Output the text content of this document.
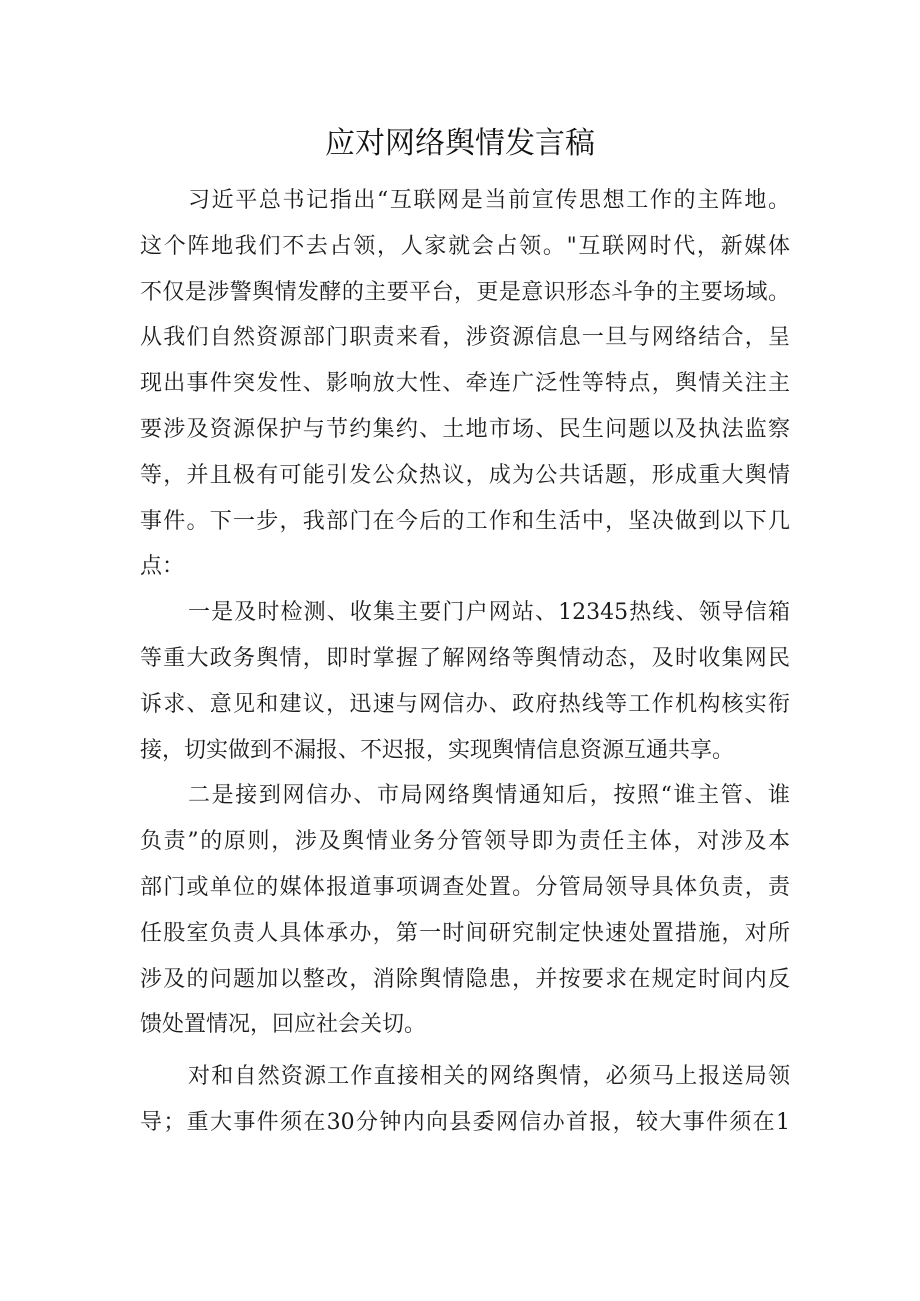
应对网络舆情发言稿
习近平总书记指出“互联网是当前宣传思想工作的主阵地。
这个阵地我们不去占领，人家就会占领。"互联网时代，新媒体
不仅是涉警舆情发酵的主要平台，更是意识形态斗争的主要场域。
从我们自然资源部门职责来看，涉资源信息一旦与网络结合，呈
现出事件突发性、影响放大性、牵连广泛性等特点，舆情关注主
要涉及资源保护与节约集约、土地市场、民生问题以及执法监察
等，并且极有可能引发公众热议，成为公共话题，形成重大舆情
事件。下一步，我部门在今后的工作和生活中，坚决做到以下几
点：
一是及时检测、收集主要门户网站、12345热线、领导信箱
等重大政务舆情，即时掌握了解网络等舆情动态，及时收集网民
诉求、意见和建议，迅速与网信办、政府热线等工作机构核实衔
接，切实做到不漏报、不迟报，实现舆情信息资源互通共享。
二是接到网信办、市局网络舆情通知后，按照“谁主管、谁
负责”的原则，涉及舆情业务分管领导即为责任主体，对涉及本
部门或单位的媒体报道事项调查处置。分管局领导具体负责，责
任股室负责人具体承办，第一时间研究制定快速处置措施，对所
涉及的问题加以整改，消除舆情隐患，并按要求在规定时间内反
馈处置情况，回应社会关切。
对和自然资源工作直接相关的网络舆情，必须马上报送局领
导；重大事件须在30分钟内向县委网信办首报，较大事件须在1
